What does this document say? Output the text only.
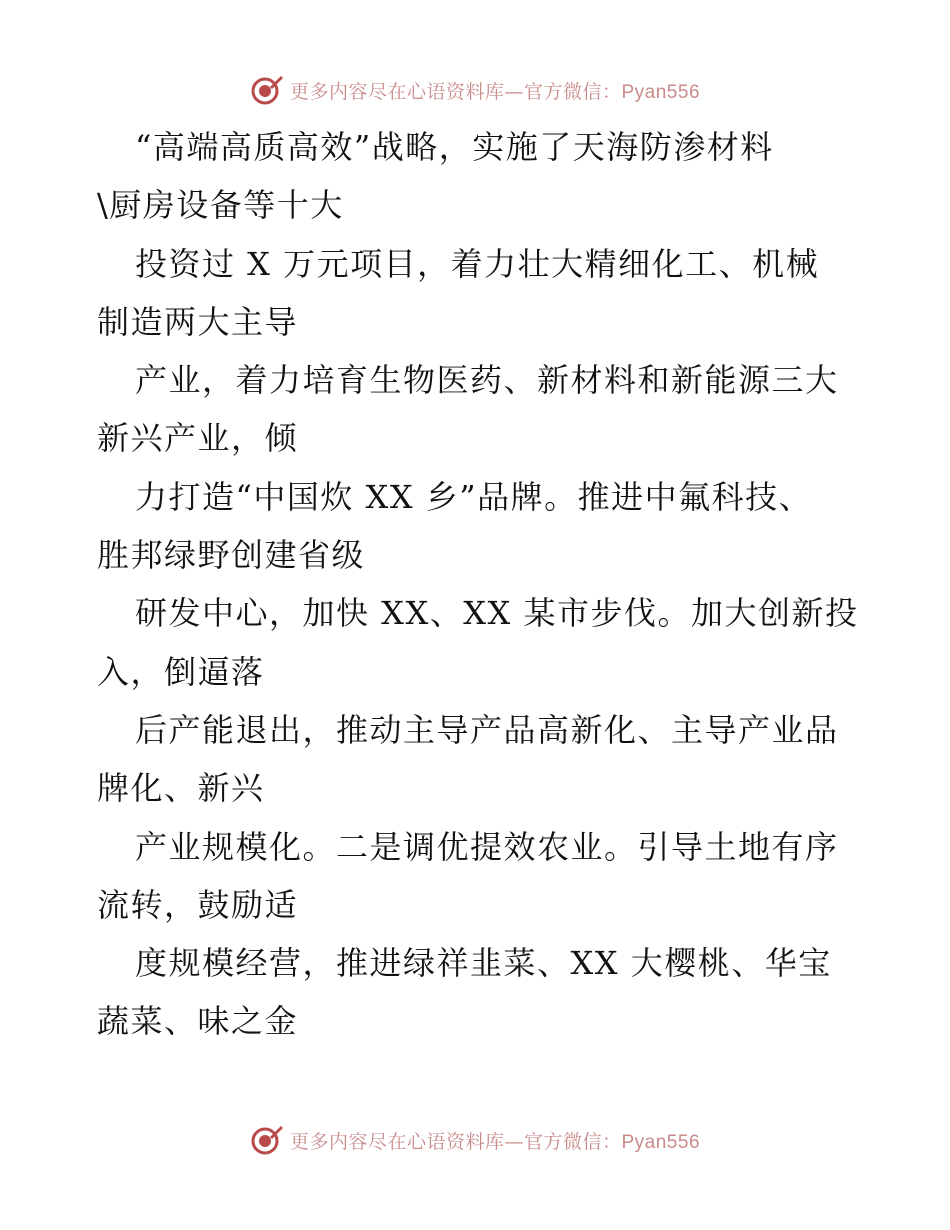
更多内容尽在心语资料库—官方微信：Pyan556
“高端高质高效”战略，实施了天海防渗材料
\厨房设备等十大
投资过 X 万元项目，着力壮大精细化工、机械
制造两大主导
产业，着力培育生物医药、新材料和新能源三大
新兴产业，倾
力打造“中国炊 XX 乡”品牌。推进中氟科技、
胜邦绿野创建省级
研发中心，加快 XX、XX 某市步伐。加大创新投
入，倒逼落
后产能退出，推动主导产品高新化、主导产业品
牌化、新兴
产业规模化。二是调优提效农业。引导土地有序
流转，鼓励适
度规模经营，推进绿祥韭菜、XX 大樱桃、华宝
蔬菜、味之金
更多内容尽在心语资料库—官方微信：Pyan556
